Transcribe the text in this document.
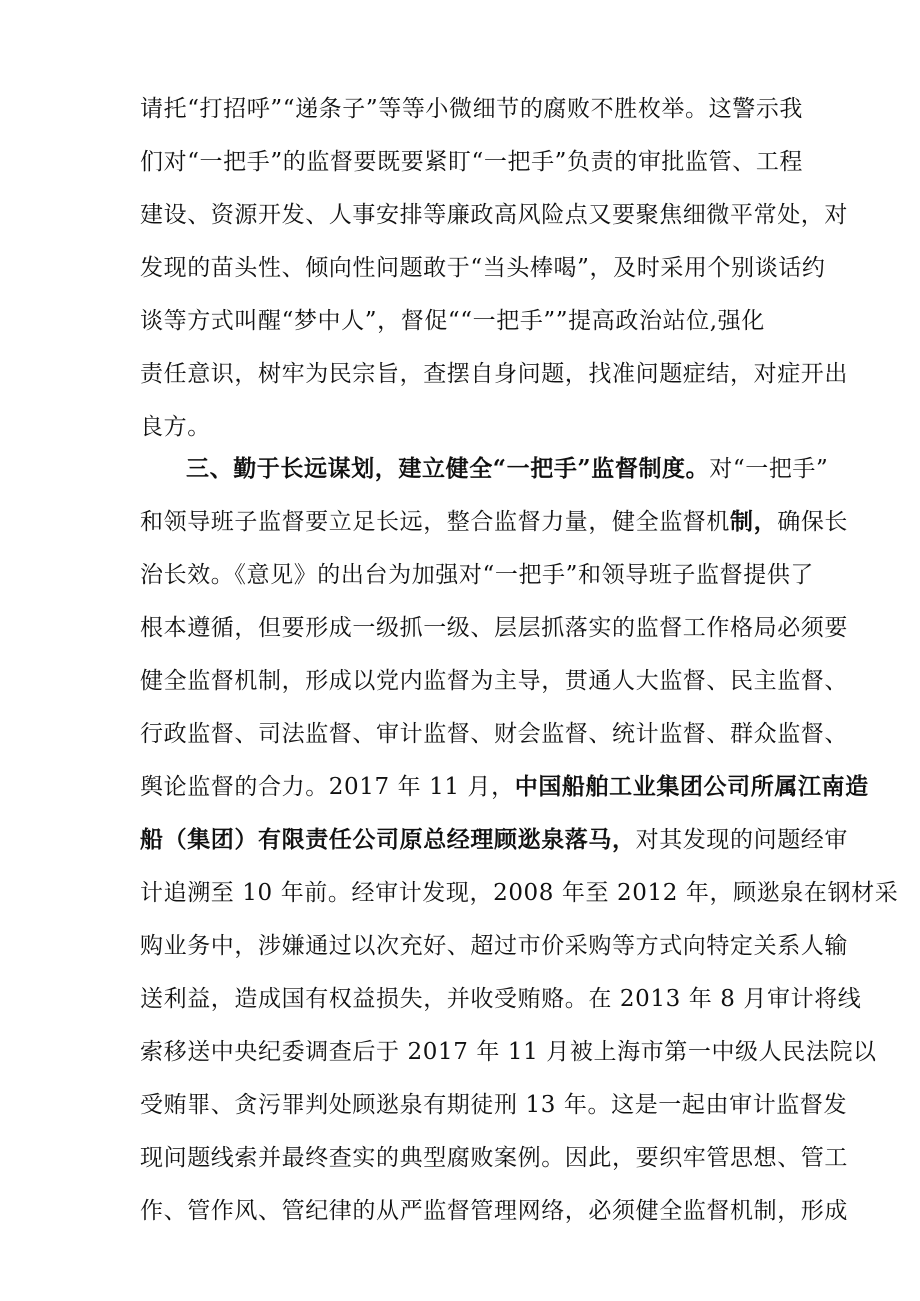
请托“打招呼”“递条子”等等小微细节的腐败不胜枚举。这警示我
们对“一把手”的监督要既要紧盯“一把手”负责的审批监管、工程
建设、资源开发、人事安排等廉政高风险点又要聚焦细微平常处，对
发现的苗头性、倾向性问题敢于“当头棒喝”，及时采用个别谈话约
谈等方式叫醒“梦中人”，督促““一把手””提高政治站位,强化
责任意识，树牢为民宗旨，查摆自身问题，找准问题症结，对症开出
良方。
三、勤于长远谋划，建立健全“一把手”监督制度。对“一把手”
和领导班子监督要立足长远，整合监督力量，健全监督机制，确保长
治长效。《意见》的出台为加强对“一把手”和领导班子监督提供了
根本遵循，但要形成一级抓一级、层层抓落实的监督工作格局必须要
健全监督机制，形成以党内监督为主导，贯通人大监督、民主监督、
行政监督、司法监督、审计监督、财会监督、统计监督、群众监督、
舆论监督的合力。2017 年 11 月，中国船舶工业集团公司所属江南造
船（集团）有限责任公司原总经理顾逖泉落马，对其发现的问题经审
计追溯至 10 年前。经审计发现，2008 年至 2012 年，顾逖泉在钢材采
购业务中，涉嫌通过以次充好、超过市价采购等方式向特定关系人输
送利益，造成国有权益损失，并收受贿赂。在 2013 年 8 月审计将线
索移送中央纪委调查后于 2017 年 11 月被上海市第一中级人民法院以
受贿罪、贪污罪判处顾逖泉有期徒刑 13 年。这是一起由审计监督发
现问题线索并最终查实的典型腐败案例。因此，要织牢管思想、管工
作、管作风、管纪律的从严监督管理网络，必须健全监督机制，形成
